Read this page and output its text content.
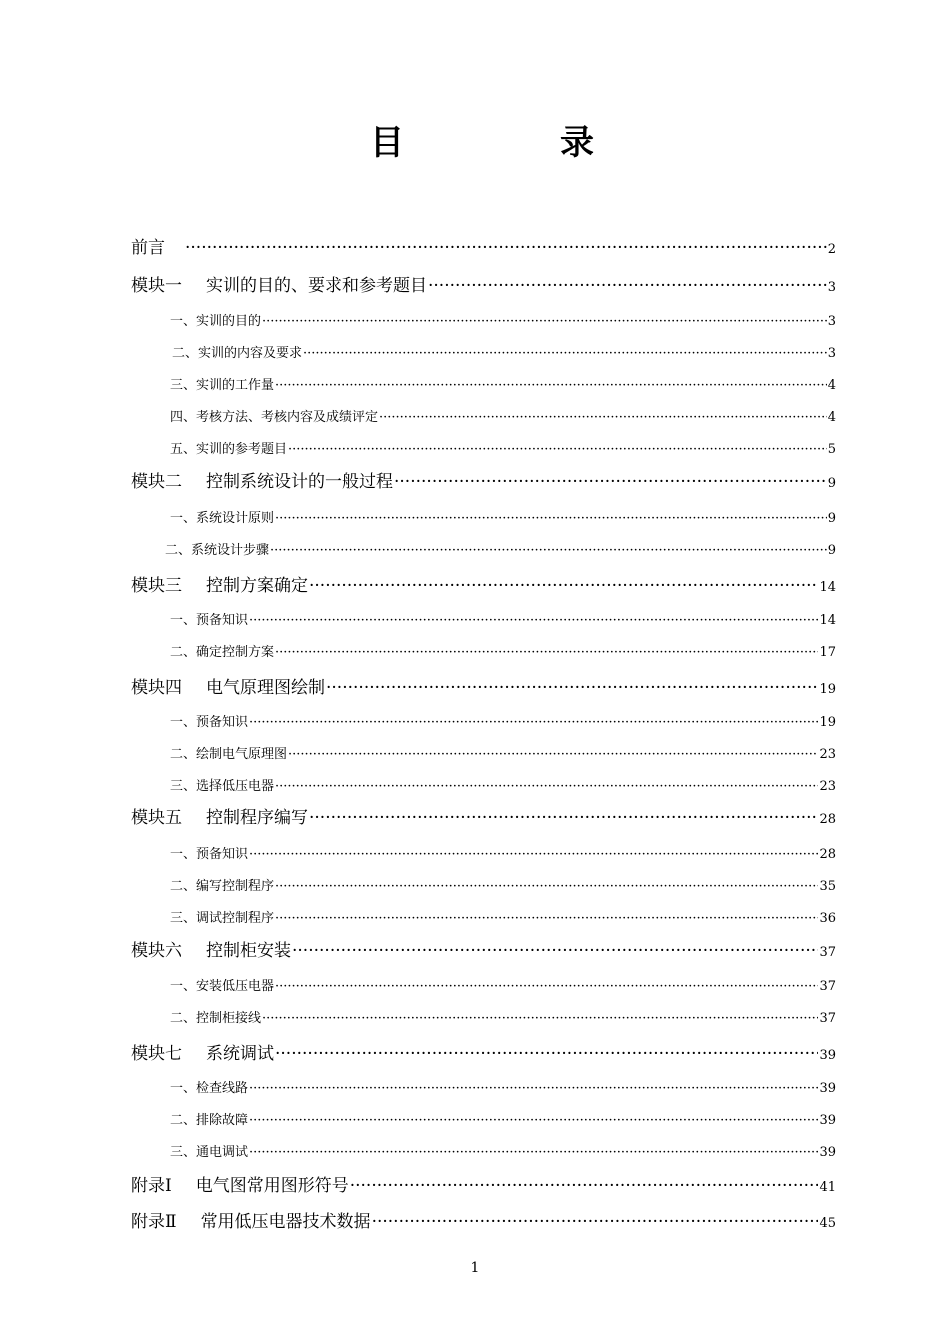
目	录
前言 ·····	2
模块一 实训的目的、要求和参考题目 ·····	3
一、实训的目的 ·····	3
二、实训的内容及要求 ·····	3
三、实训的工作量 ·····	4
四、考核方法、考核内容及成绩评定 ·····	4
五、实训的参考题目 ·····	5
模块二 控制系统设计的一般过程 ·····	9
一、系统设计原则 ·····	9
二、系统设计步骤 ·····	9
模块三 控制方案确定 ·····	14
一、预备知识 ·····	14
二、确定控制方案 ·····	17
模块四 电气原理图绘制 ·····	19
一、预备知识 ·····	19
二、绘制电气原理图 ·····	23
三、选择低压电器 ·····	23
模块五 控制程序编写 ·····	28
一、预备知识 ·····	28
二、编写控制程序 ·····	35
三、调试控制程序 ·····	36
模块六 控制柜安装 ·····	37
一、安装低压电器 ·····	37
二、控制柜接线 ·····	37
模块七 系统调试 ·····	39
一、检查线路 ·····	39
二、排除故障 ·····	39
三、通电调试 ·····	39
附录Ⅰ 电气图常用图形符号 ·····	41
附录Ⅱ 常用低压电器技术数据 ·····	45
1
